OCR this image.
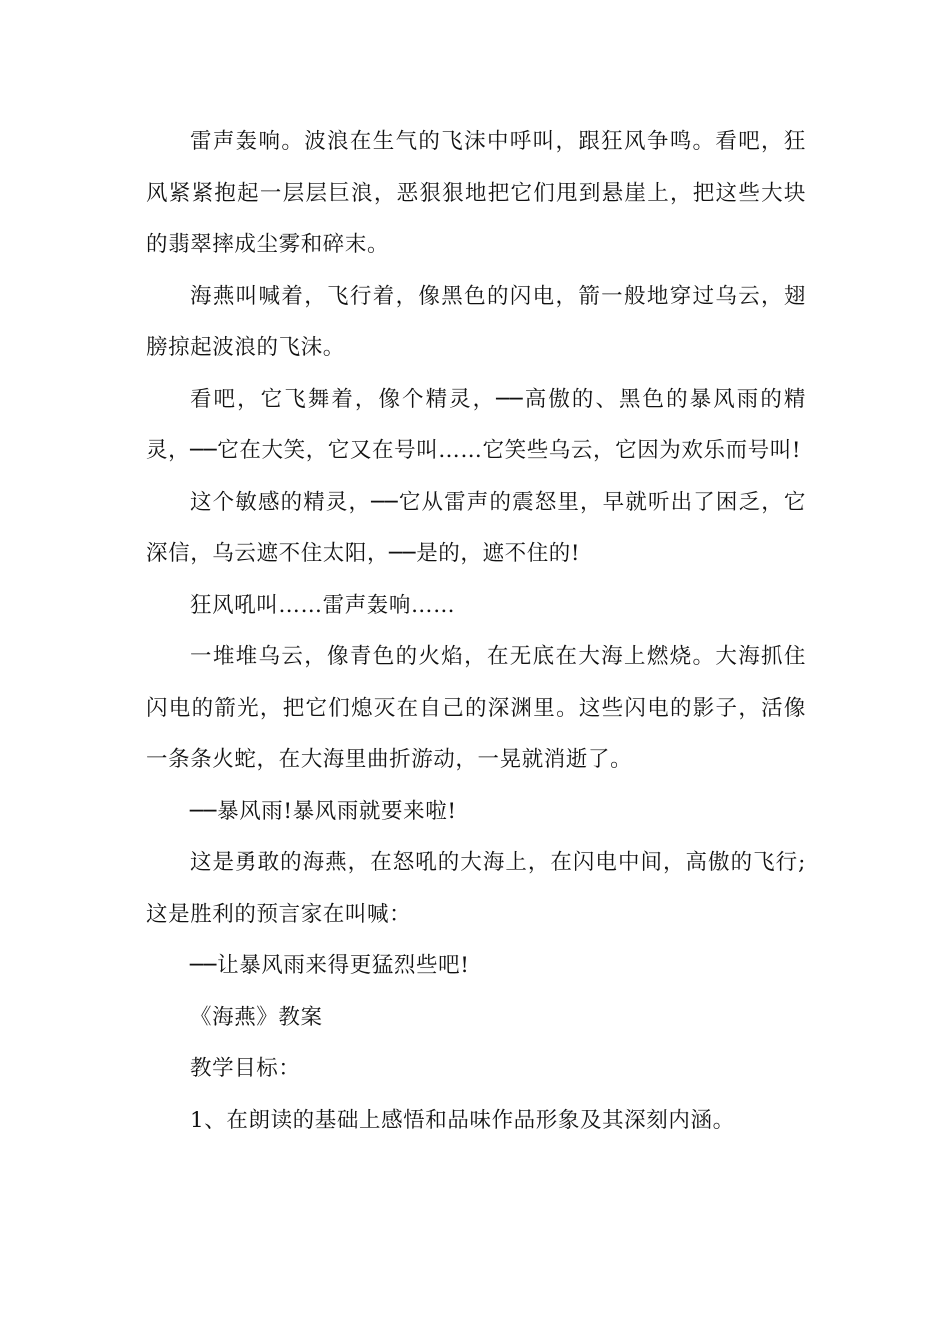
雷声轰响。波浪在生气的飞沫中呼叫，跟狂风争鸣。看吧，狂风紧紧抱起一层层巨浪，恶狠狠地把它们甩到悬崖上，把这些大块的翡翠摔成尘雾和碎末。

海燕叫喊着，飞行着，像黑色的闪电，箭一般地穿过乌云，翅膀掠起波浪的飞沫。

看吧，它飞舞着，像个精灵，──高傲的、黑色的暴风雨的精灵，──它在大笑，它又在号叫……它笑些乌云，它因为欢乐而号叫!

这个敏感的精灵，──它从雷声的震怒里，早就听出了困乏，它深信，乌云遮不住太阳，──是的，遮不住的!

狂风吼叫……雷声轰响……

一堆堆乌云，像青色的火焰，在无底在大海上燃烧。大海抓住闪电的箭光，把它们熄灭在自己的深渊里。这些闪电的影子，活像一条条火蛇，在大海里曲折游动，一晃就消逝了。

──暴风雨!暴风雨就要来啦!

这是勇敢的海燕，在怒吼的大海上，在闪电中间，高傲的飞行;这是胜利的预言家在叫喊：

──让暴风雨来得更猛烈些吧!

《海燕》教案

教学目标：

1、在朗读的基础上感悟和品味作品形象及其深刻内涵。
